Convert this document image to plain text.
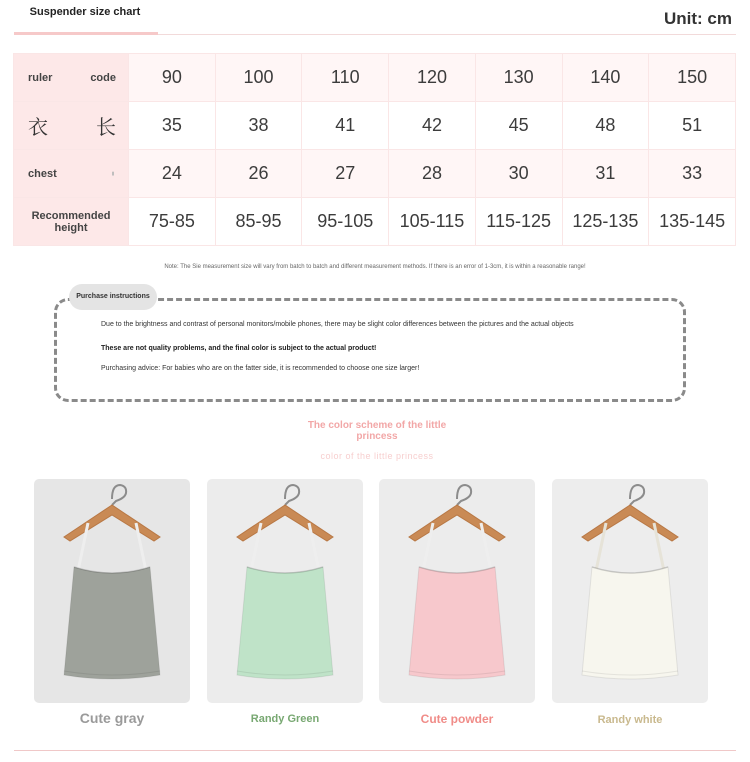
Suspender size chart	Unit: cm
ruler code	90	100	110	120	130	140	150

衣 长	35	38	41	42	45	48	51

chest ▮	24	26	27	28	30	31	33
Recommended height	75-85	85-95	95-105	105-115	115-125	125-135	135-145
Note: The Sie measurement size will vary from batch to batch and different measurement methods. If there is an error of 1-3cm, it is within a reasonable range!
Purchase instructions
Due to the brightness and contrast of personal monitors/mobile phones, there may be slight color differences between the pictures and the actual objects
These are not quality problems, and the final color is subject to the actual product!
Purchasing advice: For babies who are on the fatter side, it is recommended to choose one size larger!
The color scheme of the little princess
color of the little princess
Cute gray	Randy Green	Cute powder	Randy white
